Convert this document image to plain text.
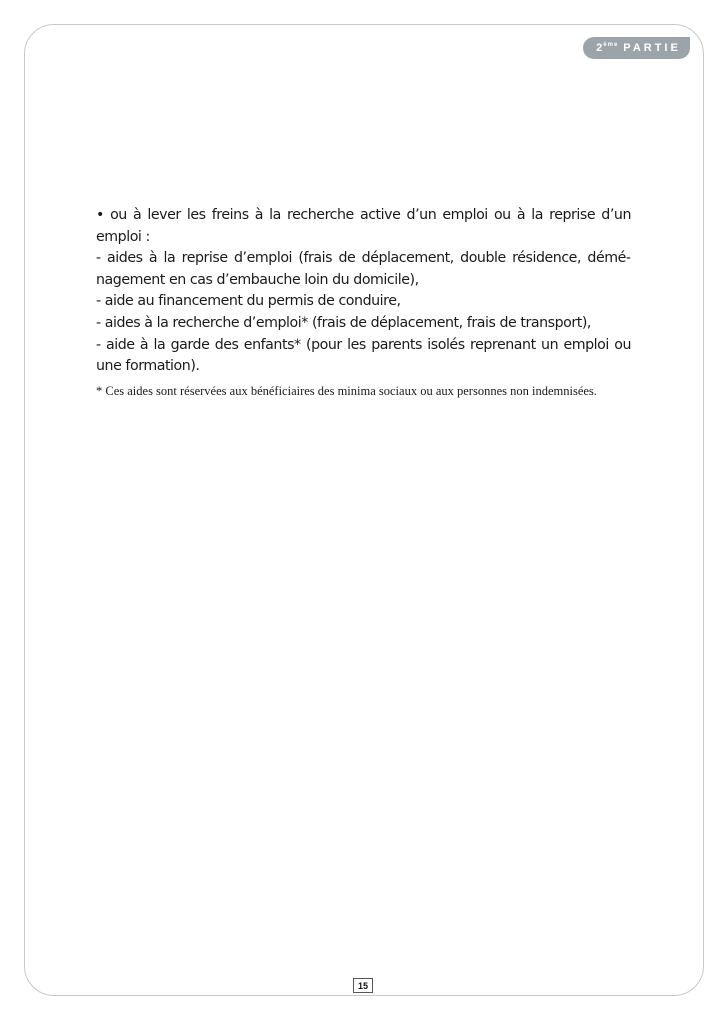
2ème PARTIE

• ou à lever les freins à la recherche active d’un emploi ou à la reprise d’un emploi :

- aides à la reprise d’emploi (frais de déplacement, double résidence, déménagement en cas d’embauche loin du domicile),

- aide au financement du permis de conduire,

- aides à la recherche d’emploi* (frais de déplacement, frais de transport),

- aide à la garde des enfants* (pour les parents isolés reprenant un emploi ou une formation).

* Ces aides sont réservées aux bénéficiaires des minima sociaux ou aux personnes non indemnisées.
15
